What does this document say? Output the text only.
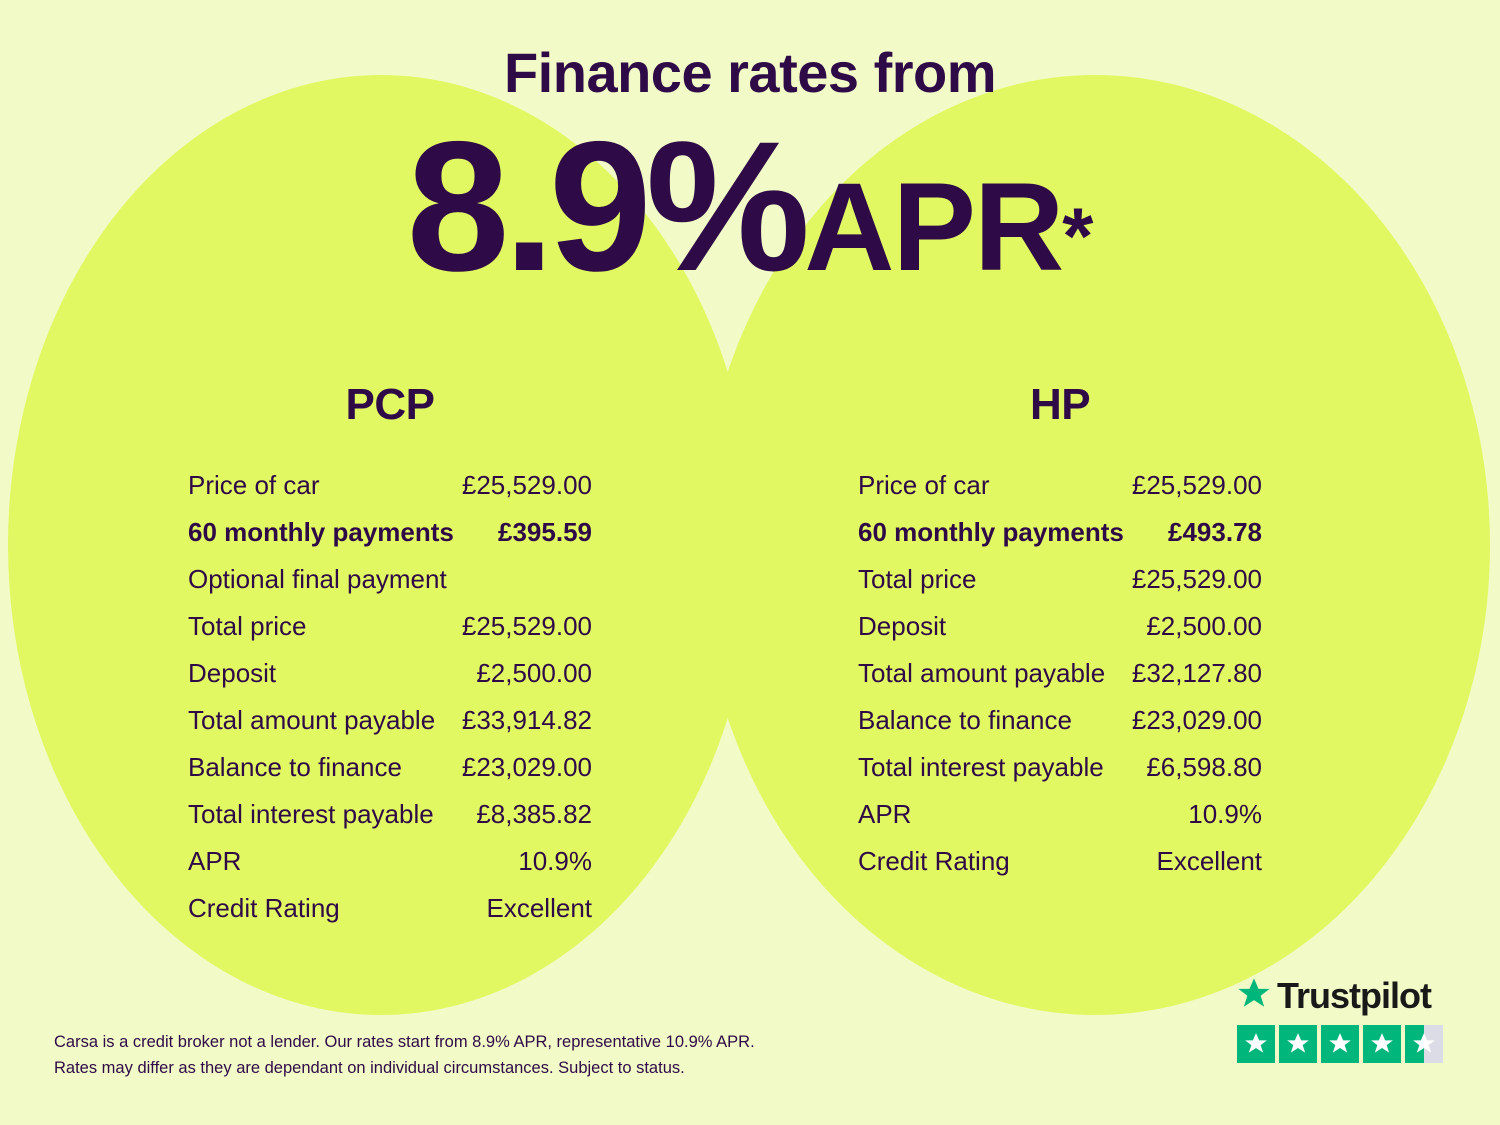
Finance rates from
8.9%APR*
PCP
Price of car	£25,529.00
60 monthly payments £395.59
Optional final payment
Total price	£25,529.00
Deposit	£2,500.00
Total amount payable £33,914.82
Balance to finance £23,029.00
Total interest payable £8,385.82
APR	10.9%
Credit Rating	Excellent
HP
Price of car	£25,529.00
60 monthly payments £493.78
Total price	£25,529.00
Deposit	£2,500.00
Total amount payable £32,127.80
Balance to finance £23,029.00
Total interest payable £6,598.80
APR	10.9%
Credit Rating	Excellent
Carsa is a credit broker not a lender. Our rates start from 8.9% APR, representative 10.9% APR.
Rates may differ as they are dependant on individual circumstances. Subject to status.
Trustpilot
